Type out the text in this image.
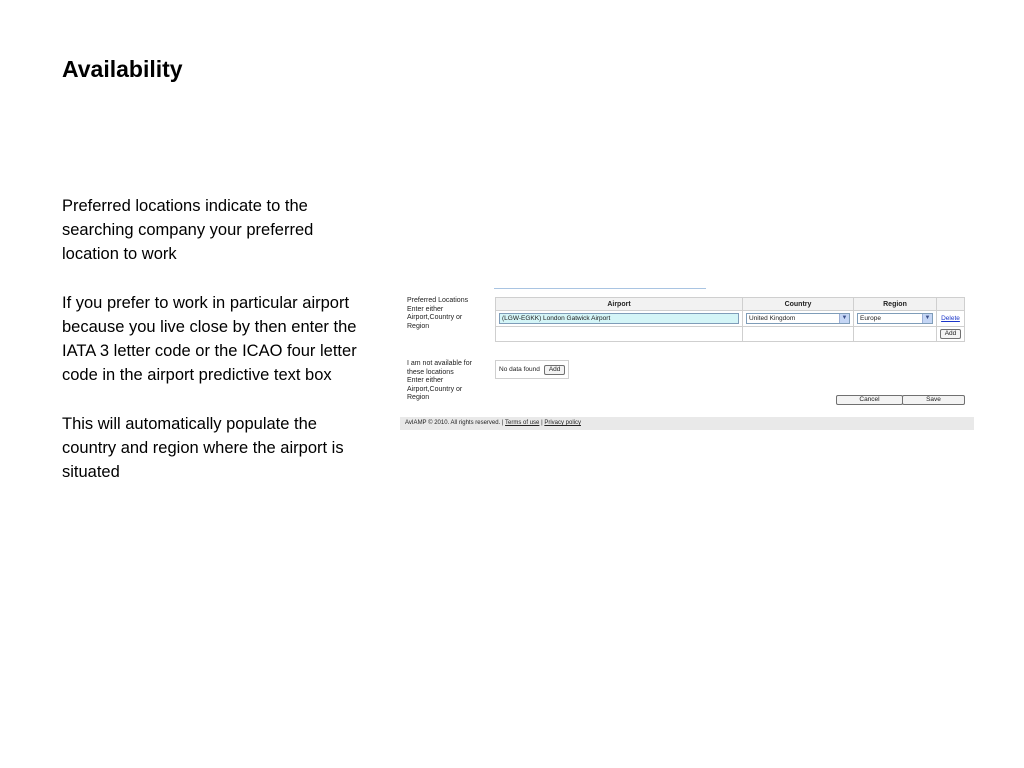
Availability

Preferred locations indicate to the searching company your preferred location to work

If you prefer to work in particular airport because you live close by then enter the IATA 3 letter code or the ICAO four letter code in the airport predictive text box

This will automatically populate the country and region where the airport is situated

Preferred Locations
Enter either
Airport,Country or
Region
Airport	Country	Region	

(LGW-EGKK) London Gatwick Airport	United Kingdom ▼	Europe ▼	Delete
			Add
I am not available for
these locations
Enter either
Airport,Country or
Region
No data found	Add
Cancel	Save
AvIAMP © 2010. All rights reserved. | Terms of use | Privacy policy
